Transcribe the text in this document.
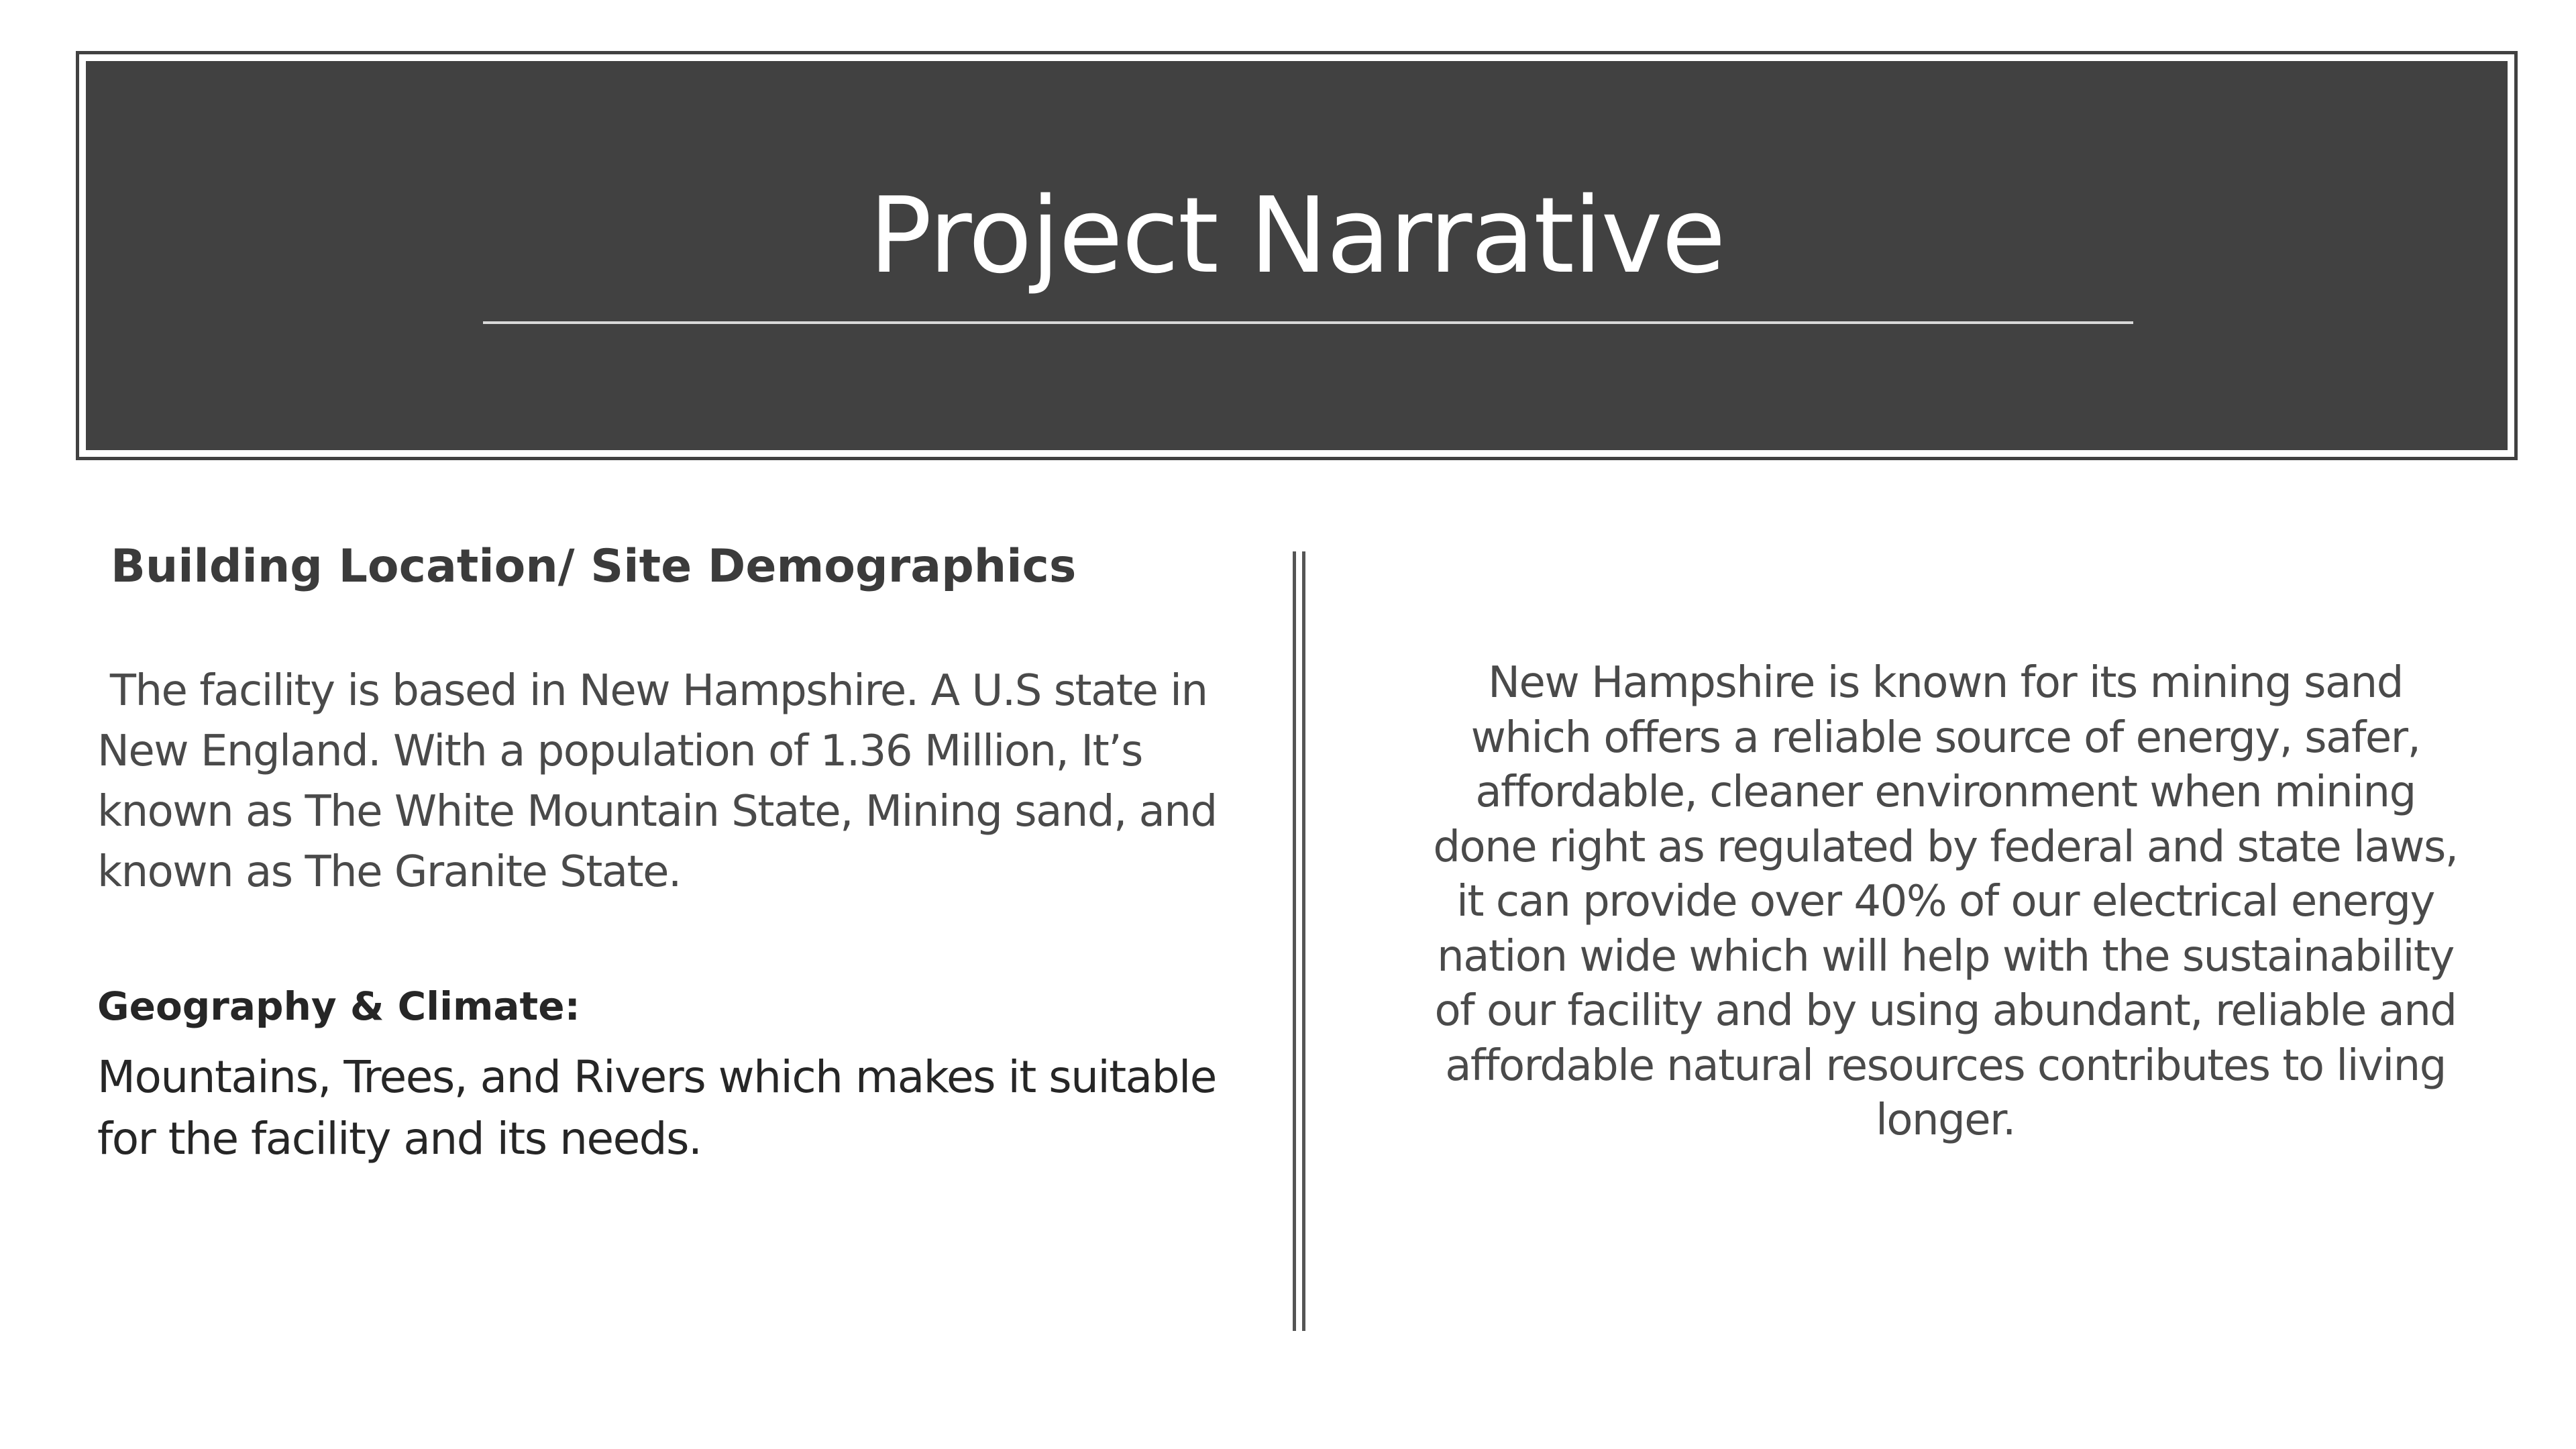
Project Narrative
Building Location/ Site Demographics
The facility is based in New Hampshire. A U.S state in New England. With a population of 1.36 Million, It’s known as The White Mountain State, Mining sand, and known as The Granite State.
Geography & Climate:
Mountains, Trees, and Rivers which makes it suitable for the facility and its needs.
New Hampshire is known for its mining sand which offers a reliable source of energy, safer, affordable, cleaner environment when mining done right as regulated by federal and state laws, it can provide over 40% of our electrical energy nation wide which will help with the sustainability of our facility and by using abundant, reliable and affordable natural resources contributes to living longer.
